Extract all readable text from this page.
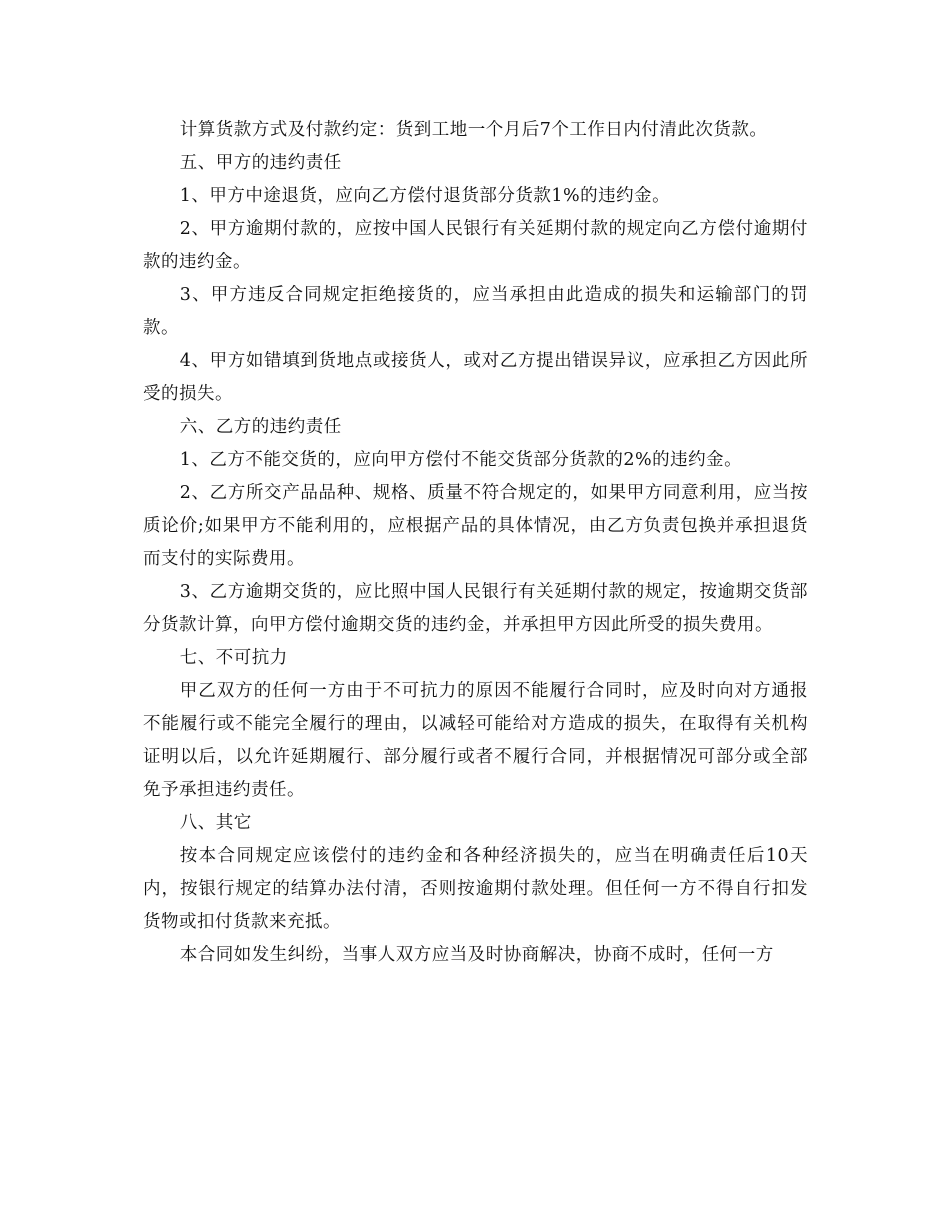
计算货款方式及付款约定：货到工地一个月后7个工作日内付清此次货款。

五、甲方的违约责任

1、甲方中途退货，应向乙方偿付退货部分货款1%的违约金。

2、甲方逾期付款的，应按中国人民银行有关延期付款的规定向乙方偿付逾期付款的违约金。

3、甲方违反合同规定拒绝接货的，应当承担由此造成的损失和运输部门的罚款。

4、甲方如错填到货地点或接货人，或对乙方提出错误异议，应承担乙方因此所受的损失。

六、乙方的违约责任

1、乙方不能交货的，应向甲方偿付不能交货部分货款的2%的违约金。

2、乙方所交产品品种、规格、质量不符合规定的，如果甲方同意利用，应当按质论价;如果甲方不能利用的，应根据产品的具体情况，由乙方负责包换并承担退货而支付的实际费用。

3、乙方逾期交货的，应比照中国人民银行有关延期付款的规定，按逾期交货部分货款计算，向甲方偿付逾期交货的违约金，并承担甲方因此所受的损失费用。

七、不可抗力

甲乙双方的任何一方由于不可抗力的原因不能履行合同时，应及时向对方通报不能履行或不能完全履行的理由，以减轻可能给对方造成的损失，在取得有关机构证明以后，以允许延期履行、部分履行或者不履行合同，并根据情况可部分或全部免予承担违约责任。

八、其它

按本合同规定应该偿付的违约金和各种经济损失的，应当在明确责任后10天内，按银行规定的结算办法付清，否则按逾期付款处理。但任何一方不得自行扣发货物或扣付货款来充抵。

本合同如发生纠纷，当事人双方应当及时协商解决，协商不成时，任何一方
